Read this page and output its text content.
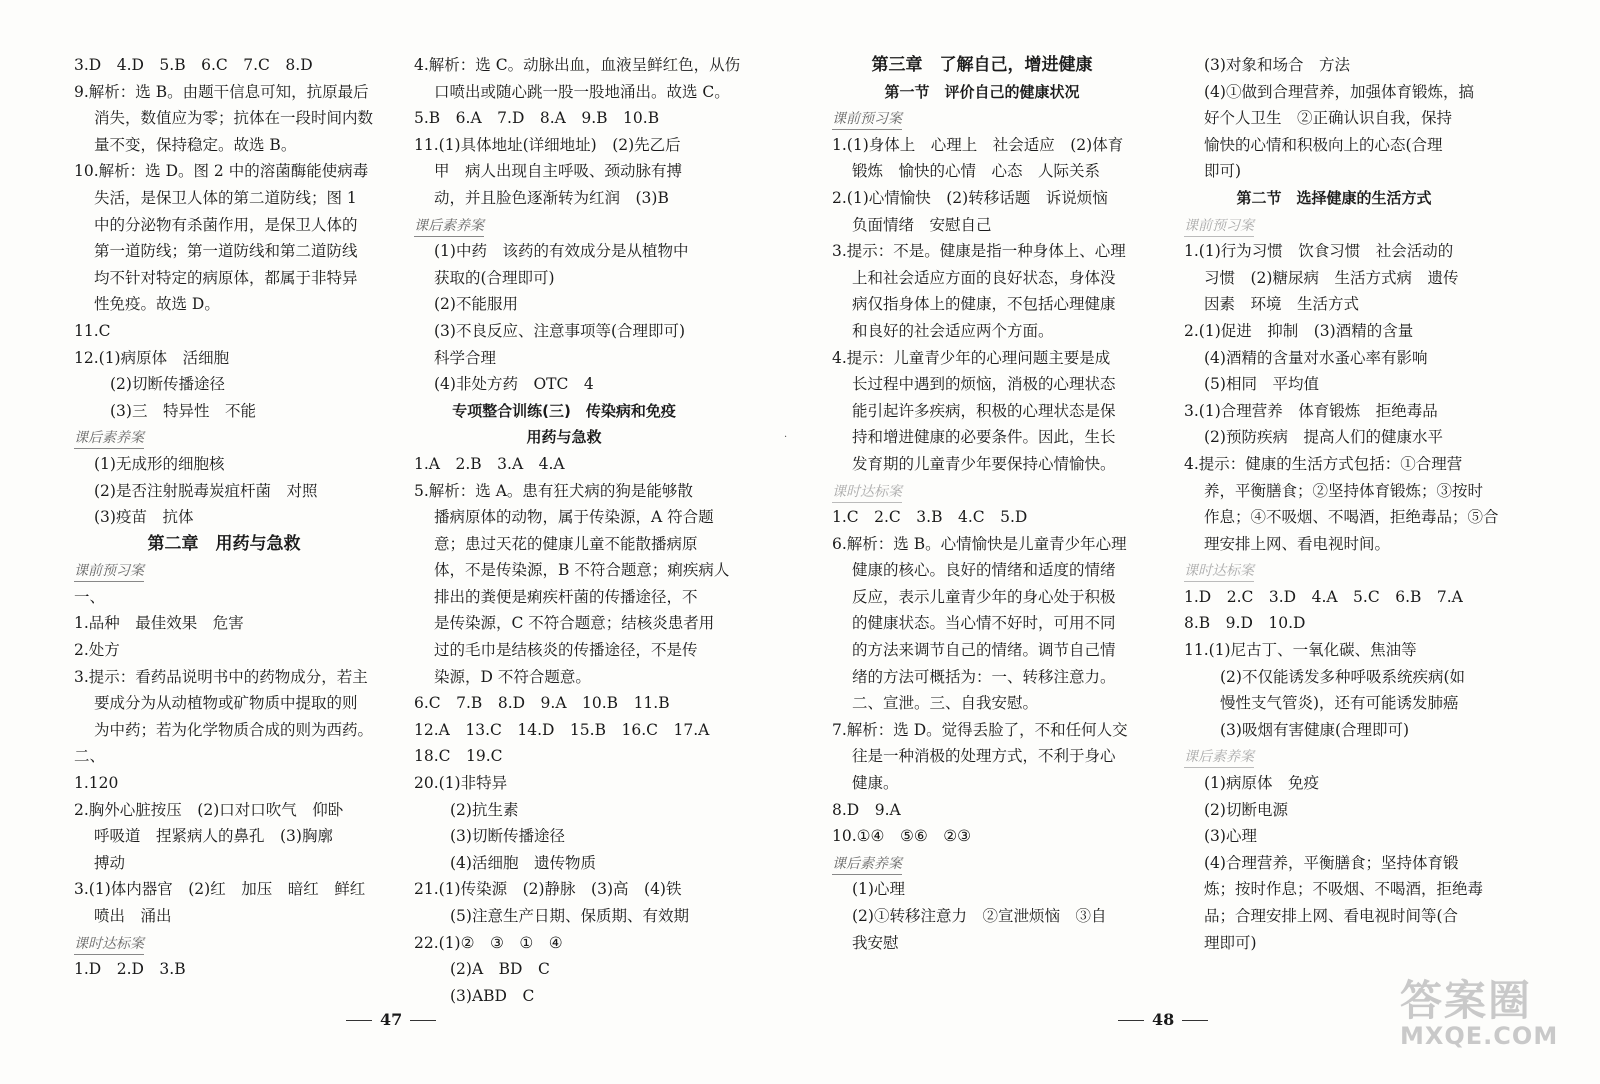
3.D　4.D　5.B　6.C　7.C　8.D
9.解析：选 B。由题干信息可知，抗原最后
消失，数值应为零；抗体在一段时间内数
量不变，保持稳定。故选 B。
10.解析：选 D。图 2 中的溶菌酶能使病毒
失活，是保卫人体的第二道防线；图 1
中的分泌物有杀菌作用，是保卫人体的
第一道防线；第一道防线和第二道防线
均不针对特定的病原体，都属于非特异
性免疫。故选 D。
11.C
12.(1)病原体　活细胞
(2)切断传播途径
(3)三　特异性　不能
课后素养案
(1)无成形的细胞核
(2)是否注射脱毒炭疽杆菌　对照
(3)疫苗　抗体
第二章　用药与急救
课前预习案
一、
1.品种　最佳效果　危害
2.处方
3.提示：看药品说明书中的药物成分，若主
要成分为从动植物或矿物质中提取的则
为中药；若为化学物质合成的则为西药。
二、
1.120
2.胸外心脏按压　(2)口对口吹气　仰卧
呼吸道　捏紧病人的鼻孔　(3)胸廓
搏动
3.(1)体内器官　(2)红　加压　暗红　鲜红
喷出　涌出
课时达标案
1.D　2.D　3.B
4.解析：选 C。动脉出血，血液呈鲜红色，从伤
口喷出或随心跳一股一股地涌出。故选 C。
5.B　6.A　7.D　8.A　9.B　10.B
11.(1)具体地址(详细地址)　(2)先乙后
甲　病人出现自主呼吸、颈动脉有搏
动，并且脸色逐渐转为红润　(3)B
课后素养案
(1)中药　该药的有效成分是从植物中
获取的(合理即可)
(2)不能服用
(3)不良反应、注意事项等(合理即可)
科学合理
(4)非处方药　OTC　4
专项整合训练(三)　传染病和免疫
用药与急救
1.A　2.B　3.A　4.A
5.解析：选 A。患有狂犬病的狗是能够散
播病原体的动物，属于传染源，A 符合题
意；患过天花的健康儿童不能散播病原
体，不是传染源，B 不符合题意；痢疾病人
排出的粪便是痢疾杆菌的传播途径，不
是传染源，C 不符合题意；结核炎患者用
过的毛巾是结核炎的传播途径，不是传
染源，D 不符合题意。
6.C　7.B　8.D　9.A　10.B　11.B
12.A　13.C　14.D　15.B　16.C　17.A
18.C　19.C
20.(1)非特异
(2)抗生素
(3)切断传播途径
(4)活细胞　遗传物质
21.(1)传染源　(2)静脉　(3)高　(4)铁
(5)注意生产日期、保质期、有效期
22.(1)②　③　①　④
(2)A　BD　C
(3)ABD　C
47
·
第三章　了解自己，增进健康
第一节　评价自己的健康状况
课前预习案
1.(1)身体上　心理上　社会适应　(2)体育
锻炼　愉快的心情　心态　人际关系
2.(1)心情愉快　(2)转移话题　诉说烦恼
负面情绪　安慰自己
3.提示：不是。健康是指一种身体上、心理
上和社会适应方面的良好状态，身体没
病仅指身体上的健康，不包括心理健康
和良好的社会适应两个方面。
4.提示：儿童青少年的心理问题主要是成
长过程中遇到的烦恼，消极的心理状态
能引起许多疾病，积极的心理状态是保
持和增进健康的必要条件。因此，生长
发育期的儿童青少年要保持心情愉快。
课时达标案
1.C　2.C　3.B　4.C　5.D
6.解析：选 B。心情愉快是儿童青少年心理
健康的核心。良好的情绪和适度的情绪
反应，表示儿童青少年的身心处于积极
的健康状态。当心情不好时，可用不同
的方法来调节自己的情绪。调节自己情
绪的方法可概括为：一、转移注意力。
二、宣泄。三、自我安慰。
7.解析：选 D。觉得丢脸了，不和任何人交
往是一种消极的处理方式，不利于身心
健康。
8.D　9.A
10.①④　⑤⑥　②③
课后素养案
(1)心理
(2)①转移注意力　②宣泄烦恼　③自
我安慰
(3)对象和场合　方法
(4)①做到合理营养，加强体育锻炼，搞
好个人卫生　②正确认识自我，保持
愉快的心情和积极向上的心态(合理
即可)
第二节　选择健康的生活方式
课前预习案
1.(1)行为习惯　饮食习惯　社会活动的
习惯　(2)糖尿病　生活方式病　遗传
因素　环境　生活方式
2.(1)促进　抑制　(3)酒精的含量
(4)酒精的含量对水蚤心率有影响
(5)相同　平均值
3.(1)合理营养　体育锻炼　拒绝毒品
(2)预防疾病　提高人们的健康水平
4.提示：健康的生活方式包括：①合理营
养，平衡膳食；②坚持体育锻炼；③按时
作息；④不吸烟、不喝酒，拒绝毒品；⑤合
理安排上网、看电视时间。
课时达标案
1.D　2.C　3.D　4.A　5.C　6.B　7.A
8.B　9.D　10.D
11.(1)尼古丁、一氧化碳、焦油等
(2)不仅能诱发多种呼吸系统疾病(如
慢性支气管炎)，还有可能诱发肺癌
(3)吸烟有害健康(合理即可)
课后素养案
(1)病原体　免疫
(2)切断电源
(3)心理
(4)合理营养，平衡膳食；坚持体育锻
炼；按时作息；不吸烟、不喝酒，拒绝毒
品；合理安排上网、看电视时间等(合
理即可)
48	答案圈
MXQE.COM
